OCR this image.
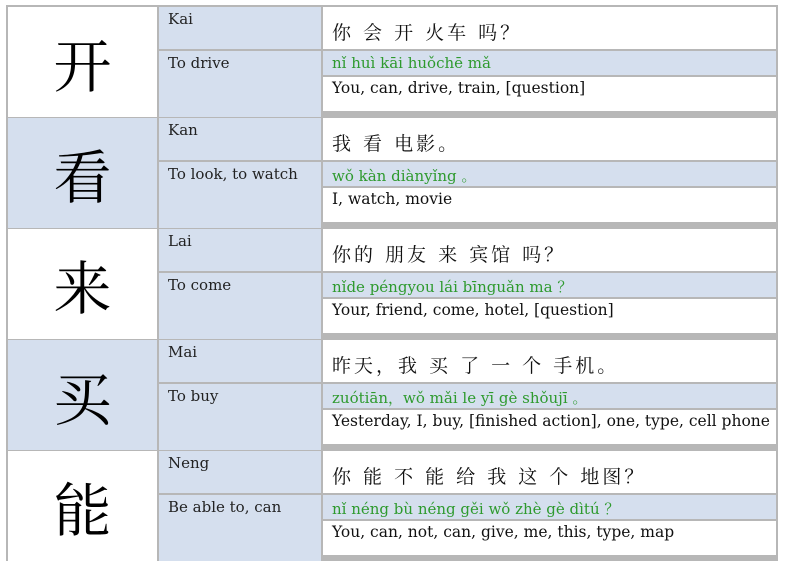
开
Kai
To drive
你 会 开 火车 吗？
nǐ huì kāi huǒchē mǎ
You, can, drive, train, [question]
看
Kan
To look, to watch
我 看 电影。
wǒ kàn diànyǐng 。
I, watch, movie
来
Lai
To come
你的 朋友 来 宾馆 吗？
nǐde péngyou lái bīnguǎn ma ？
Your, friend, come, hotel, [question]
买
Mai
To buy
昨天，我 买 了 一 个 手机。
zuótiān，wǒ mǎi le yī gè shǒujī 。
Yesterday, I, buy, [finished action], one, type, cell phone
能
Neng
Be able to, can
你 能 不 能 给 我 这 个 地图？
nǐ néng bù néng gěi wǒ zhè gè dìtú ？
You, can, not, can, give, me, this, type, map
